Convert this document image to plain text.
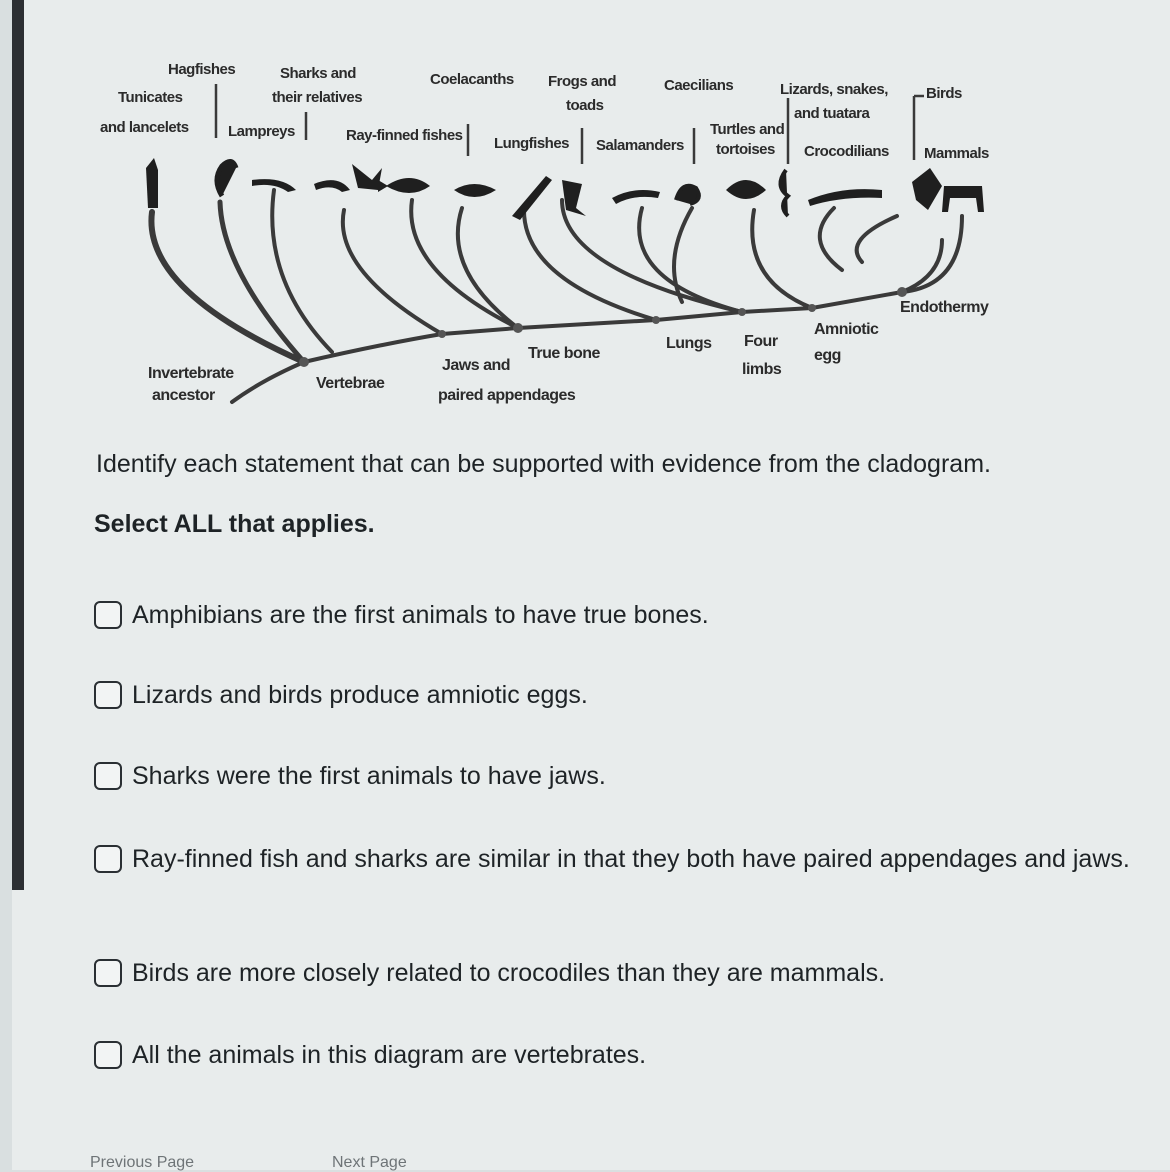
Tunicates and lancelets
Hagfishes
Lampreys
Sharks and their relatives
Ray-finned fishes
Coelacanths
Lungfishes
Frogs and toads
Salamanders
Caecilians
Turtles and tortoises
Lizards, snakes, and tuatara
Crocodilians
Birds
Mammals
Invertebrate ancestor
Vertebrae
Jaws and paired appendages
True bone
Lungs Four limbs
Amniotic egg
Endothermy
Identify each statement that can be supported with evidence from the cladogram.
Select ALL that applies.
Amphibians are the first animals to have true bones.
Lizards and birds produce amniotic eggs.
Sharks were the first animals to have jaws.
Ray-finned fish and sharks are similar in that they both have paired appendages and jaws.
Birds are more closely related to crocodiles than they are mammals.
All the animals in this diagram are vertebrates.
Previous Page	Next Page
